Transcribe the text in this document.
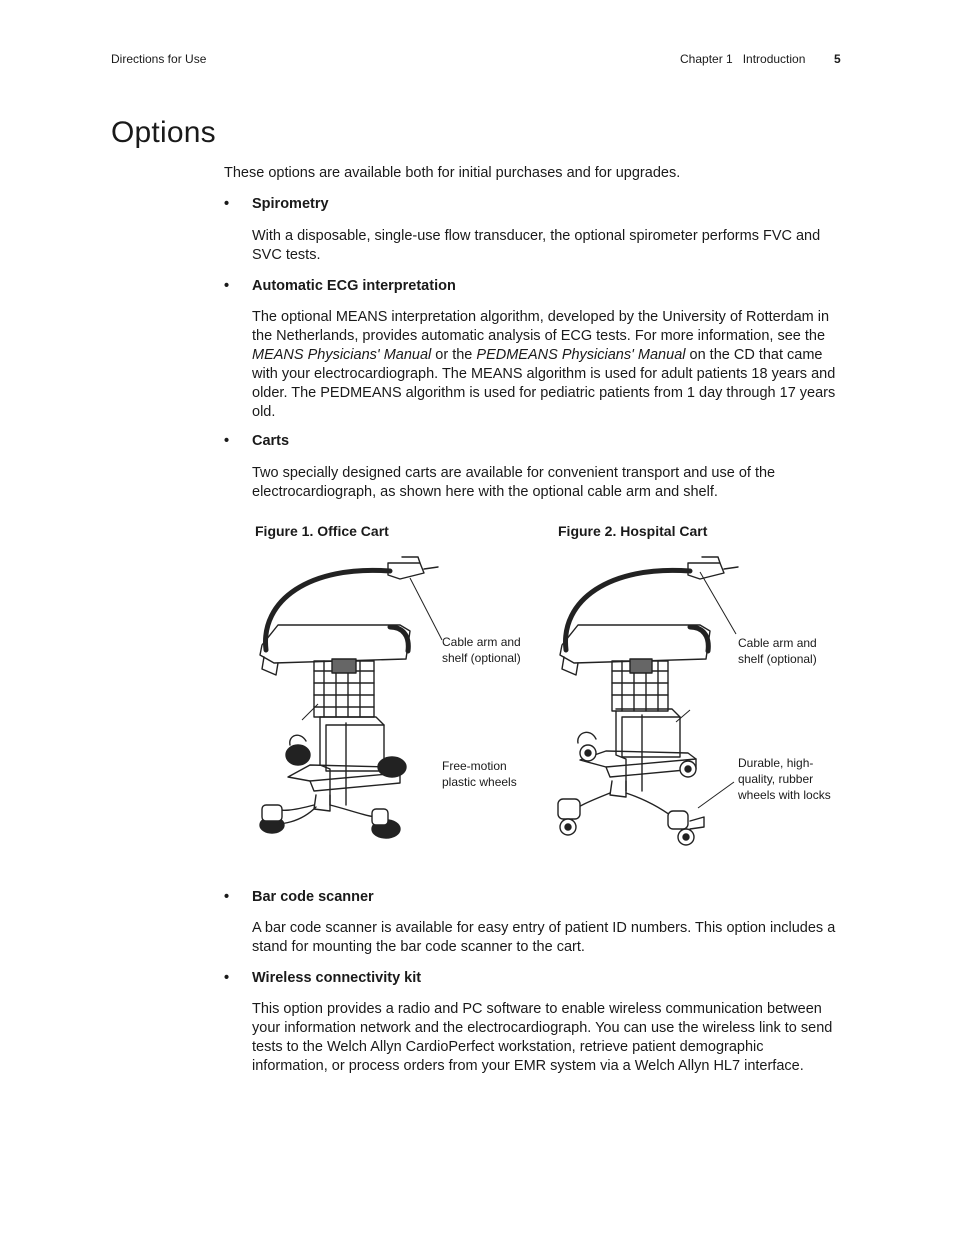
Directions for Use	Chapter 1   Introduction 5
Options
These options are available both for initial purchases and for upgrades.
• Spirometry
With a disposable, single-use flow transducer, the optional spirometer performs FVC and SVC tests.
• Automatic ECG interpretation
The optional MEANS interpretation algorithm, developed by the University of Rotterdam in the Netherlands, provides automatic analysis of ECG tests. For more information, see the MEANS Physicians' Manual or the PEDMEANS Physicians' Manual on the CD that came with your electrocardiograph. The MEANS algorithm is used for adult patients 18 years and older. The PEDMEANS algorithm is used for pediatric patients from 1 day through 17 years old.
• Carts
Two specially designed carts are available for convenient transport and use of the electrocardiograph, as shown here with the optional cable arm and shelf.
Figure 1. Office Cart	Figure 2. Hospital Cart
Cable arm and
shelf (optional)
Free-motion
plastic wheels
Cable arm and
shelf (optional)
Durable, high-
quality, rubber
wheels with locks
• Bar code scanner
A bar code scanner is available for easy entry of patient ID numbers. This option includes a stand for mounting the bar code scanner to the cart.
• Wireless connectivity kit
This option provides a radio and PC software to enable wireless communication between your information network and the electrocardiograph. You can use the wireless link to send tests to the Welch Allyn CardioPerfect workstation, retrieve patient demographic information, or process orders from your EMR system via a Welch Allyn HL7 interface.
